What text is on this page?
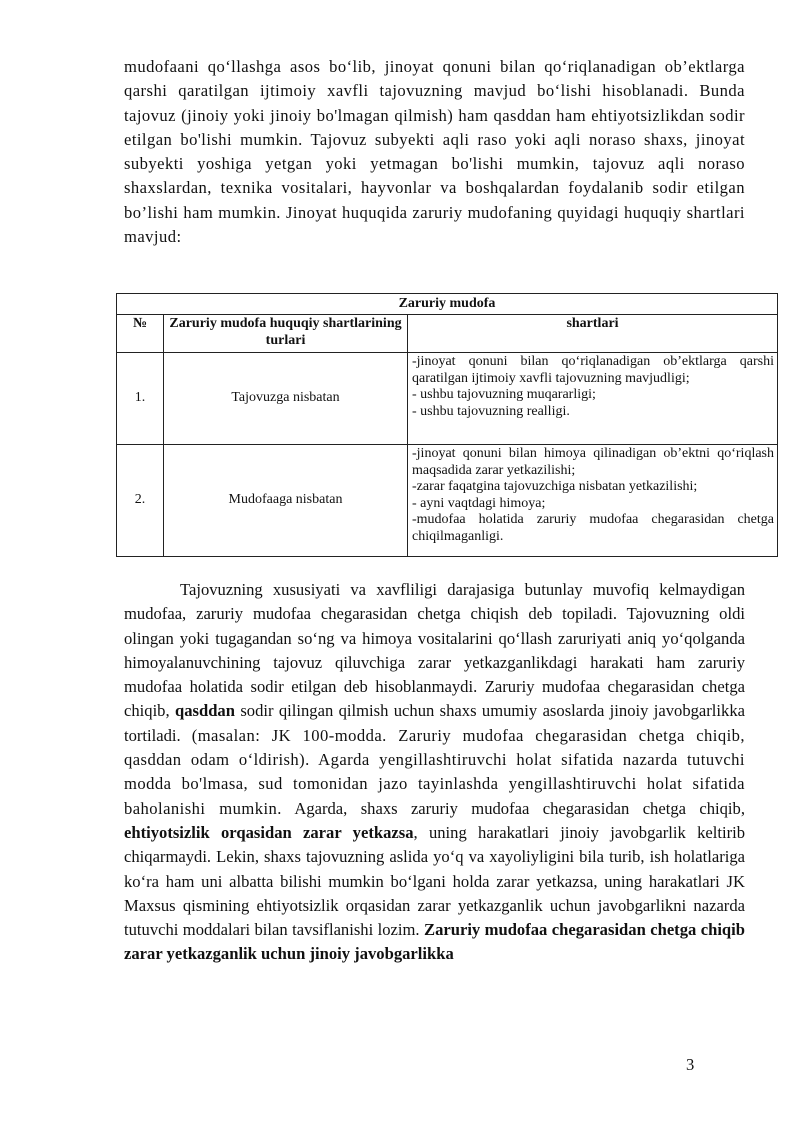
mudofaani qo‘llashga asos bo‘lib, jinoyat qonuni bilan qo‘riqlanadigan ob’ektlarga qarshi qaratilgan ijtimoiy xavfli tajovuzning mavjud bo‘lishi hisoblanadi. Bunda tajovuz (jinoiy yoki jinoiy bo'lmagan qilmish) ham qasddan ham ehtiyotsizlikdan sodir etilgan bo'lishi mumkin. Tajovuz subyekti aqli raso yoki aqli noraso shaxs, jinoyat subyekti yoshiga yetgan yoki yetmagan bo'lishi mumkin, tajovuz aqli noraso shaxslardan, texnika vositalari, hayvonlar va boshqalardan foydalanib sodir etilgan bo’lishi ham mumkin. Jinoyat huquqida zaruriy mudofaning quyidagi huquqiy shartlari mavjud:

Zaruriy mudofa		
№	Zaruriy mudofa huquqiy shartlarining turlari	shartlari
1.	Tajovuzga nisbatan	-jinoyat qonuni bilan qo‘riqlanadigan ob’ektlarga qarshi qaratilgan ijtimoiy xavfli tajovuzning mavjudligi;
- ushbu tajovuzning muqararligi;
- ushbu tajovuzning realligi.

2.	Mudofaaga nisbatan	-jinoyat qonuni bilan himoya qilinadigan ob’ektni qo‘riqlash maqsadida zarar yetkazilishi;
-zarar faqatgina tajovuzchiga nisbatan yetkazilishi;
- ayni vaqtdagi himoya;
-mudofaa holatida zaruriy mudofaa chegarasidan chetga chiqilmaganligi.

Tajovuzning xususiyati va xavfliligi darajasiga butunlay muvofiq kelmaydigan mudofaa, zaruriy mudofaa chegarasidan chetga chiqish deb topiladi. Tajovuzning oldi olingan yoki tugagandan so‘ng va himoya vositalarini qo‘llash zaruriyati aniq yo‘qolganda himoyalanuvchining tajovuz qiluvchiga zarar yetkazganlikdagi harakati ham zaruriy mudofaa holatida sodir etilgan deb hisoblanmaydi. Zaruriy mudofaa chegarasidan chetga chiqib, qasddan sodir qilingan qilmish uchun shaxs umumiy asoslarda jinoiy javobgarlikka tortiladi. (masalan: JK 100-modda. Zaruriy mudofaa chegarasidan chetga chiqib, qasddan odam o‘ldirish). Agarda yengillashtiruvchi holat sifatida nazarda tutuvchi modda bo'lmasa, sud tomonidan jazo tayinlashda yengillashtiruvchi holat sifatida baholanishi mumkin. Agarda, shaxs zaruriy mudofaa chegarasidan chetga chiqib, ehtiyotsizlik orqasidan zarar yetkazsa, uning harakatlari jinoiy javobgarlik keltirib chiqarmaydi. Lekin, shaxs tajovuzning aslida yo‘q va xayoliyligini bila turib, ish holatlariga ko‘ra ham uni albatta bilishi mumkin bo‘lgani holda zarar yetkazsa, uning harakatlari JK Maxsus qismining ehtiyotsizlik orqasidan zarar yetkazganlik uchun javobgarlikni nazarda tutuvchi moddalari bilan tavsiflanishi lozim. Zaruriy mudofaa chegarasidan chetga chiqib zarar yetkazganlik uchun jinoiy javobgarlikka

3
